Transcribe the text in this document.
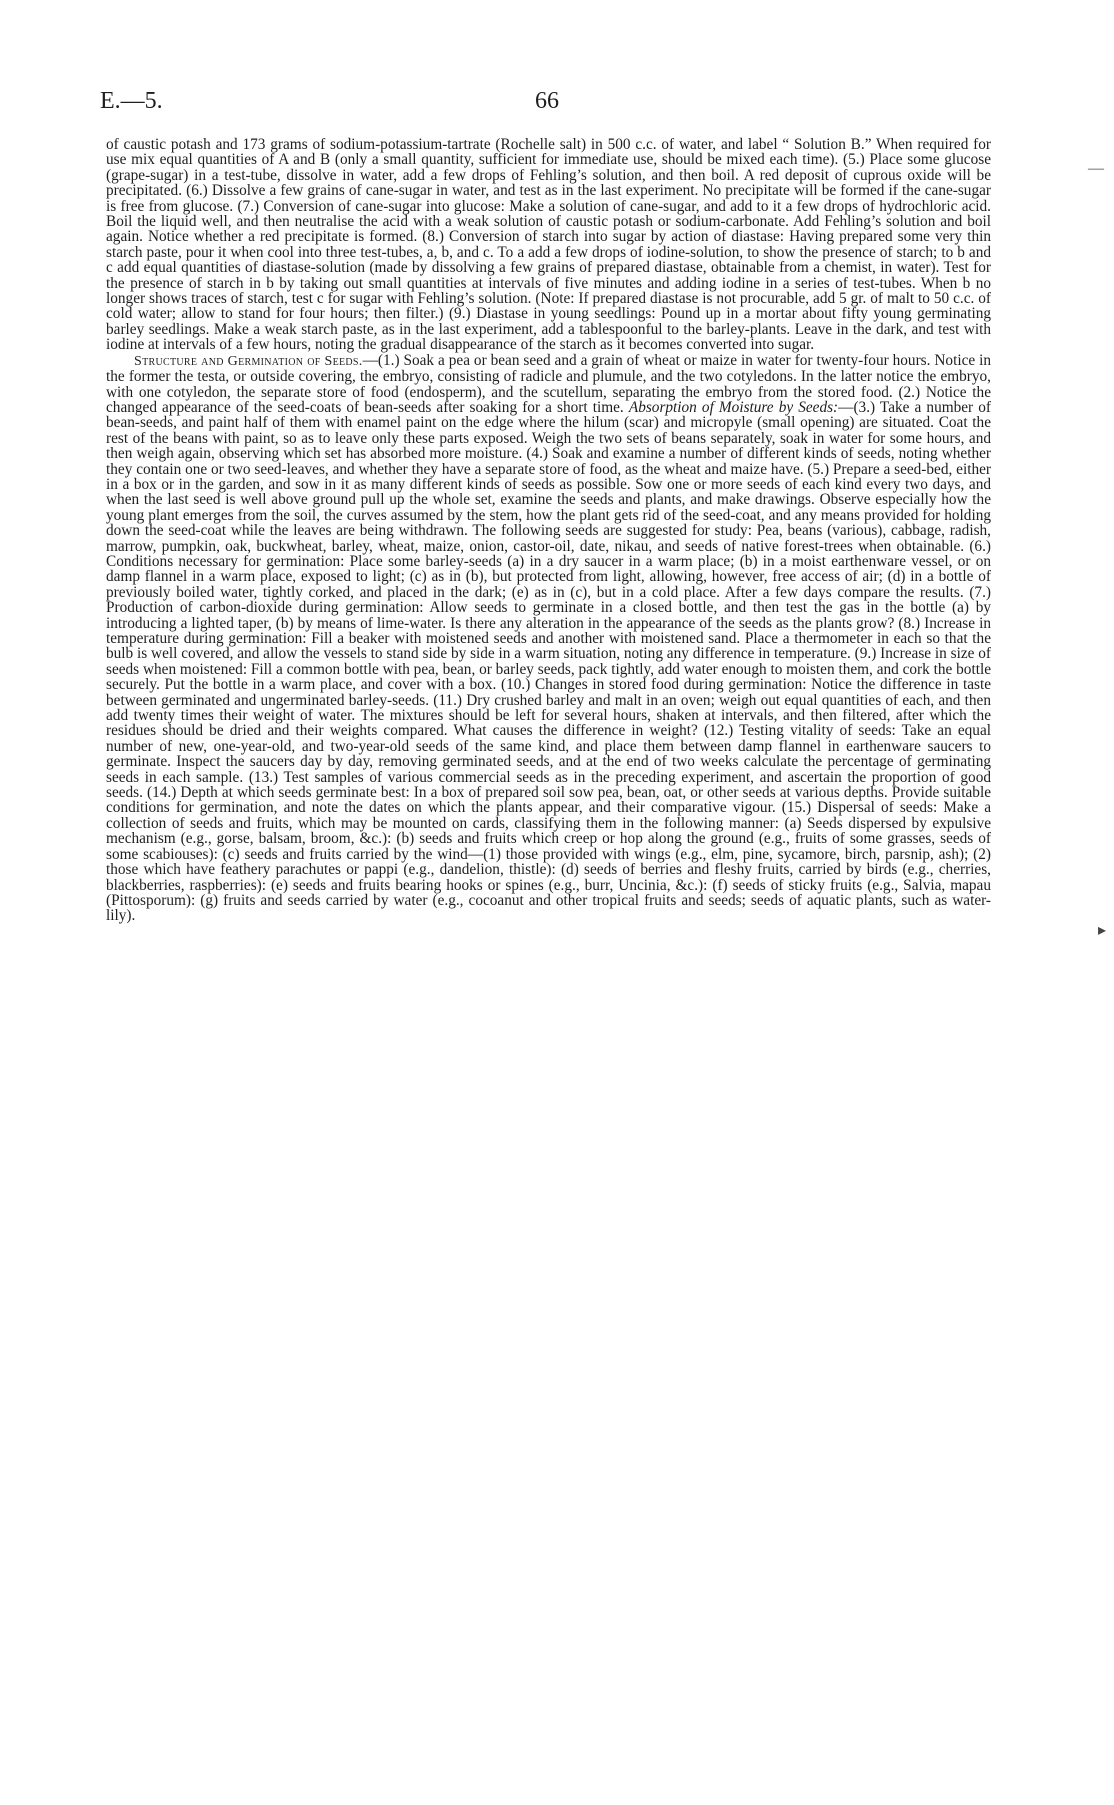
E.—5.	66
—
▸

of caustic potash and 173 grams of sodium-potassium-tartrate (Rochelle salt) in 500 c.c. of water, and label “ Solution B.” When required for use mix equal quantities of A and B (only a small quantity, sufficient for immediate use, should be mixed each time). (5.) Place some glucose (grape-sugar) in a test-tube, dissolve in water, add a few drops of Fehling’s solution, and then boil. A red deposit of cuprous oxide will be precipitated. (6.) Dissolve a few grains of cane-sugar in water, and test as in the last experiment. No precipitate will be formed if the cane-sugar is free from glucose. (7.) Conversion of cane-sugar into glucose: Make a solution of cane-sugar, and add to it a few drops of hydrochloric acid. Boil the liquid well, and then neutralise the acid with a weak solution of caustic potash or sodium-carbonate. Add Fehling’s solution and boil again. Notice whether a red precipitate is formed. (8.) Conversion of starch into sugar by action of diastase: Having prepared some very thin starch paste, pour it when cool into three test-tubes, a, b, and c. To a add a few drops of iodine-solution, to show the presence of starch; to b and c add equal quantities of diastase-solution (made by dissolving a few grains of prepared diastase, obtainable from a chemist, in water). Test for the presence of starch in b by taking out small quantities at intervals of five minutes and adding iodine in a series of test-tubes. When b no longer shows traces of starch, test c for sugar with Fehling’s solution. (Note: If prepared diastase is not procurable, add 5 gr. of malt to 50 c.c. of cold water; allow to stand for four hours; then filter.) (9.) Diastase in young seedlings: Pound up in a mortar about fifty young germinating barley seedlings. Make a weak starch paste, as in the last experiment, add a tablespoonful to the barley-plants. Leave in the dark, and test with iodine at intervals of a few hours, noting the gradual disappearance of the starch as it becomes converted into sugar.

Structure and Germination of Seeds.—(1.) Soak a pea or bean seed and a grain of wheat or maize in water for twenty-four hours. Notice in the former the testa, or outside covering, the embryo, consisting of radicle and plumule, and the two cotyledons. In the latter notice the embryo, with one cotyledon, the separate store of food (endosperm), and the scutellum, separating the embryo from the stored food. (2.) Notice the changed appearance of the seed-coats of bean-seeds after soaking for a short time. Absorption of Moisture by Seeds:—(3.) Take a number of bean-seeds, and paint half of them with enamel paint on the edge where the hilum (scar) and micropyle (small opening) are situated. Coat the rest of the beans with paint, so as to leave only these parts exposed. Weigh the two sets of beans separately, soak in water for some hours, and then weigh again, observing which set has absorbed more moisture. (4.) Soak and examine a number of different kinds of seeds, noting whether they contain one or two seed-leaves, and whether they have a separate store of food, as the wheat and maize have. (5.) Prepare a seed-bed, either in a box or in the garden, and sow in it as many different kinds of seeds as possible. Sow one or more seeds of each kind every two days, and when the last seed is well above ground pull up the whole set, examine the seeds and plants, and make drawings. Observe especially how the young plant emerges from the soil, the curves assumed by the stem, how the plant gets rid of the seed-coat, and any means provided for holding down the seed-coat while the leaves are being withdrawn. The following seeds are suggested for study: Pea, beans (various), cabbage, radish, marrow, pumpkin, oak, buckwheat, barley, wheat, maize, onion, castor-oil, date, nikau, and seeds of native forest-trees when obtainable. (6.) Conditions necessary for germination: Place some barley-seeds (a) in a dry saucer in a warm place; (b) in a moist earthenware vessel, or on damp flannel in a warm place, exposed to light; (c) as in (b), but protected from light, allowing, however, free access of air; (d) in a bottle of previously boiled water, tightly corked, and placed in the dark; (e) as in (c), but in a cold place. After a few days compare the results. (7.) Production of carbon-dioxide during germination: Allow seeds to germinate in a closed bottle, and then test the gas in the bottle (a) by introducing a lighted taper, (b) by means of lime-water. Is there any alteration in the appearance of the seeds as the plants grow? (8.) Increase in temperature during germination: Fill a beaker with moistened seeds and another with moistened sand. Place a thermometer in each so that the bulb is well covered, and allow the vessels to stand side by side in a warm situation, noting any difference in temperature. (9.) Increase in size of seeds when moistened: Fill a common bottle with pea, bean, or barley seeds, pack tightly, add water enough to moisten them, and cork the bottle securely. Put the bottle in a warm place, and cover with a box. (10.) Changes in stored food during germination: Notice the difference in taste between germinated and ungerminated barley-seeds. (11.) Dry crushed barley and malt in an oven; weigh out equal quantities of each, and then add twenty times their weight of water. The mixtures should be left for several hours, shaken at intervals, and then filtered, after which the residues should be dried and their weights compared. What causes the difference in weight? (12.) Testing vitality of seeds: Take an equal number of new, one-year-old, and two-year-old seeds of the same kind, and place them between damp flannel in earthenware saucers to germinate. Inspect the saucers day by day, removing germinated seeds, and at the end of two weeks calculate the percentage of germinating seeds in each sample. (13.) Test samples of various commercial seeds as in the preceding experiment, and ascertain the proportion of good seeds. (14.) Depth at which seeds germinate best: In a box of prepared soil sow pea, bean, oat, or other seeds at various depths. Provide suitable conditions for germination, and note the dates on which the plants appear, and their comparative vigour. (15.) Dispersal of seeds: Make a collection of seeds and fruits, which may be mounted on cards, classifying them in the following manner: (a) Seeds dispersed by expulsive mechanism (e.g., gorse, balsam, broom, &c.): (b) seeds and fruits which creep or hop along the ground (e.g., fruits of some grasses, seeds of some scabiouses): (c) seeds and fruits carried by the wind—(1) those provided with wings (e.g., elm, pine, sycamore, birch, parsnip, ash); (2) those which have feathery parachutes or pappi (e.g., dandelion, thistle): (d) seeds of berries and fleshy fruits, carried by birds (e.g., cherries, blackberries, raspberries): (e) seeds and fruits bearing hooks or spines (e.g., burr, Uncinia, &c.): (f) seeds of sticky fruits (e.g., Salvia, mapau (Pittosporum): (g) fruits and seeds carried by water (e.g., cocoanut and other tropical fruits and seeds; seeds of aquatic plants, such as water-lily).
